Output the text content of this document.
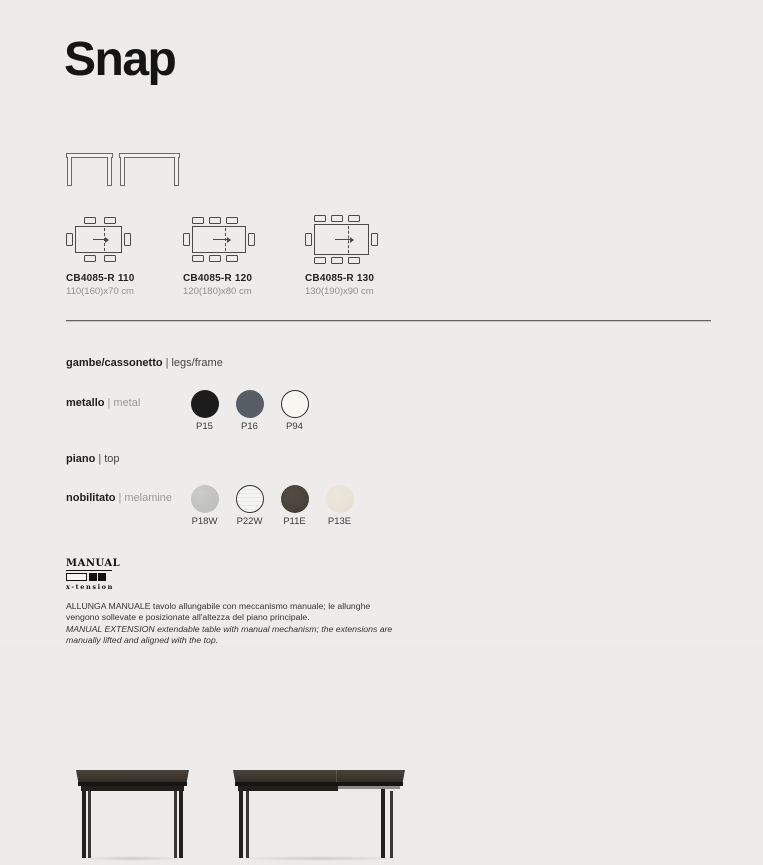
Snap
CB4085-R 110
110(160)x70 cm
CB4085-R 120
120(180)x80 cm
CB4085-R 130
130(190)x90 cm
gambe/cassonetto | legs/frame
metallo | metal
P15	P16	P94
piano | top
nobilitato | melamine
P18W P22W P11E P13E
MANUAL
x-tension

ALLUNGA MANUALE tavolo allungabile con meccanismo manuale; le allunghe vengono sollevate e posizionate all'altezza del piano principale.

MANUAL EXTENSION extendable table with manual mechanism; the extensions are manually lifted and aligned with the top.
